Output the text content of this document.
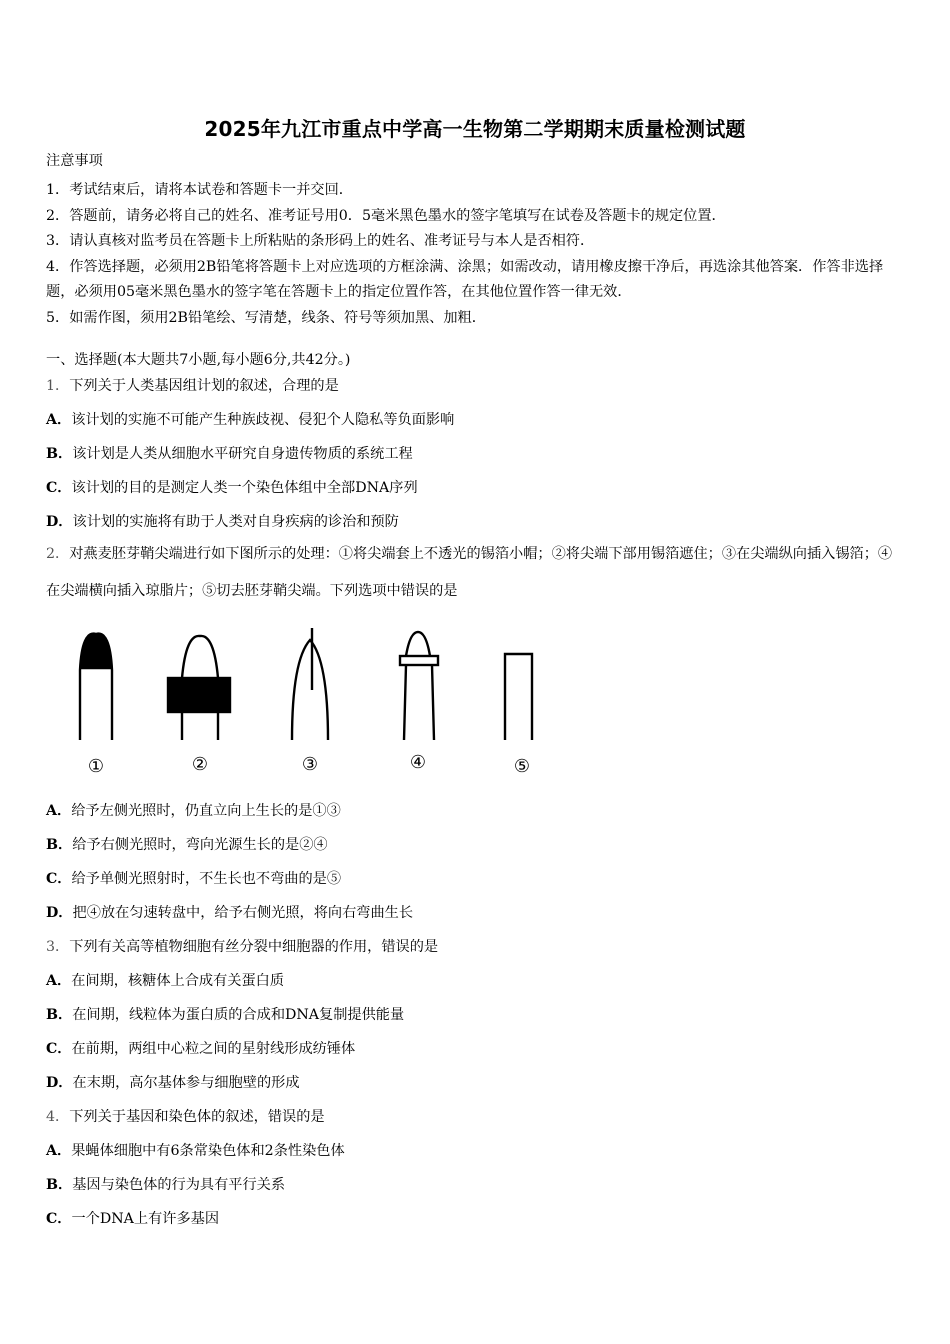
2025年九江市重点中学高一生物第二学期期末质量检测试题
注意事项
1．考试结束后，请将本试卷和答题卡一并交回．
2．答题前，请务必将自己的姓名、准考证号用0．5毫米黑色墨水的签字笔填写在试卷及答题卡的规定位置．
3．请认真核对监考员在答题卡上所粘贴的条形码上的姓名、准考证号与本人是否相符．
4．作答选择题，必须用2B铅笔将答题卡上对应选项的方框涂满、涂黑；如需改动，请用橡皮擦干净后，再选涂其他答案．作答非选择题，必须用05毫米黑色墨水的签字笔在答题卡上的指定位置作答，在其他位置作答一律无效．
5．如需作图，须用2B铅笔绘、写清楚，线条、符号等须加黑、加粗．
一、选择题(本大题共7小题,每小题6分,共42分。)
1．下列关于人类基因组计划的叙述，合理的是
A．该计划的实施不可能产生种族歧视、侵犯个人隐私等负面影响
B．该计划是人类从细胞水平研究自身遗传物质的系统工程
C．该计划的目的是测定人类一个染色体组中全部DNA序列
D．该计划的实施将有助于人类对自身疾病的诊治和预防
2．对燕麦胚芽鞘尖端进行如下图所示的处理：①将尖端套上不透光的锡箔小帽；②将尖端下部用锡箔遮住；③在尖端纵向插入锡箔；④在尖端横向插入琼脂片；⑤切去胚芽鞘尖端。下列选项中错误的是
①	②	③	④	⑤
A．给予左侧光照时，仍直立向上生长的是①③
B．给予右侧光照时，弯向光源生长的是②④
C．给予单侧光照射时，不生长也不弯曲的是⑤
D．把④放在匀速转盘中，给予右侧光照，将向右弯曲生长
3．下列有关高等植物细胞有丝分裂中细胞器的作用，错误的是
A．在间期，核糖体上合成有关蛋白质
B．在间期，线粒体为蛋白质的合成和DNA复制提供能量
C．在前期，两组中心粒之间的星射线形成纺锤体
D．在末期，高尔基体参与细胞壁的形成
4．下列关于基因和染色体的叙述，错误的是
A．果蝇体细胞中有6条常染色体和2条性染色体
B．基因与染色体的行为具有平行关系
C．一个DNA上有许多基因
